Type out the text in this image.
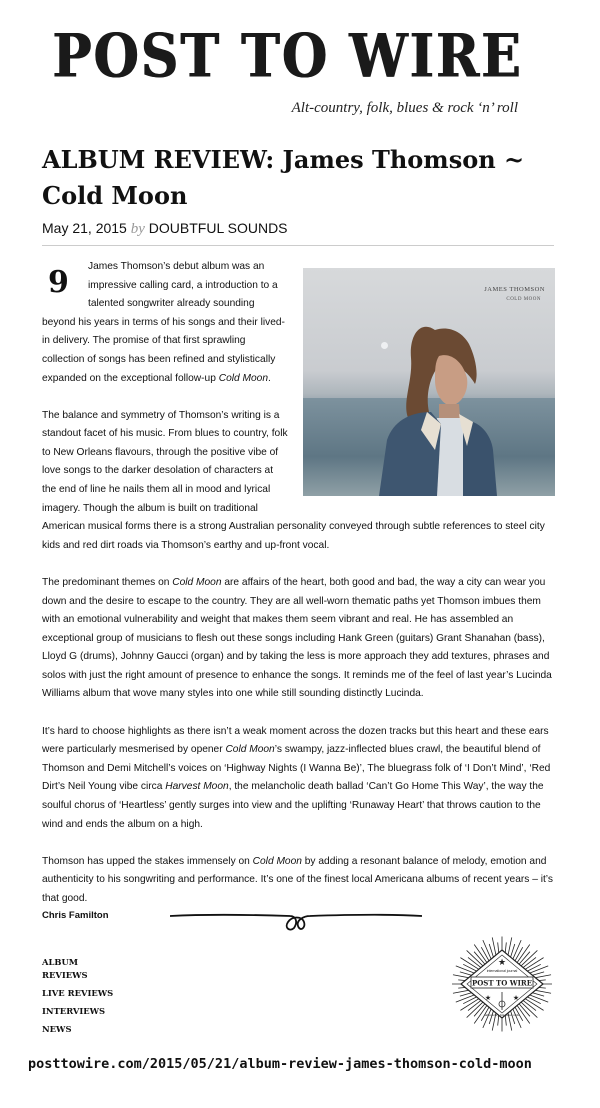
POST TO WIRE
Alt-country, folk, blues & rock ‘n’ roll
ALBUM REVIEW: James Thomson ~ Cold Moon
May 21, 2015 by DOUBTFUL SOUNDS
JAMES THOMSON
COLD MOON

9	James Thomson’s debut album was an impressive calling card, a introduction to a talented songwriter already sounding beyond his years in terms of his songs and their lived-in delivery. The promise of that first sprawling collection of songs has been refined and stylistically expanded on the exceptional follow-up Cold Moon.

The balance and symmetry of Thomson’s writing is a standout facet of his music. From blues to country, folk to New Orleans flavours, through the positive vibe of love songs to the darker desolation of characters at the end of line he nails them all in mood and lyrical imagery. Though the album is built on traditional American musical forms there is a strong Australian personality conveyed through subtle references to steel city kids and red dirt roads via Thomson’s earthy and up-front vocal.

The predominant themes on Cold Moon are affairs of the heart, both good and bad, the way a city can wear you down and the desire to escape to the country. They are all well-worn thematic paths yet Thomson imbues them with an emotional vulnerability and weight that makes them seem vibrant and real. He has assembled an exceptional group of musicians to flesh out these songs including Hank Green (guitars) Grant Shanahan (bass), Lloyd G (drums), Johnny Gaucci (organ) and by taking the less is more approach they add textures, phrases and solos with just the right amount of presence to enhance the songs. It reminds me of the feel of last year’s Lucinda Williams album that wove many styles into one while still sounding distinctly Lucinda.

It’s hard to choose highlights as there isn’t a weak moment across the dozen tracks but this heart and these ears were particularly mesmerised by opener Cold Moon’s swampy, jazz-inflected blues crawl, the beautiful blend of Thomson and Demi Mitchell’s voices on ‘Highway Nights (I Wanna Be)’, The bluegrass folk of ‘I Don’t Mind’, ‘Red Dirt’s Neil Young vibe circa Harvest Moon, the melancholic death ballad ‘Can’t Go Home This Way’, the way the soulful chorus of ‘Heartless’ gently surges into view and the uplifting ‘Runaway Heart’ that throws caution to the wind and ends the album on a high.

Thomson has upped the stakes immensely on Cold Moon by adding a resonant balance of melody, emotion and authenticity to his songwriting and performance. It’s one of the finest local Americana albums of recent years – it’s that good.

Chris Familton
ALBUM REVIEWS
LIVE REVIEWS
INTERVIEWS
NEWS
★
international journal
POST TO WIRE
★	★
alt-country folk blues rock
posttowire.com/2015/05/21/album-review-james-thomson-cold-moon
